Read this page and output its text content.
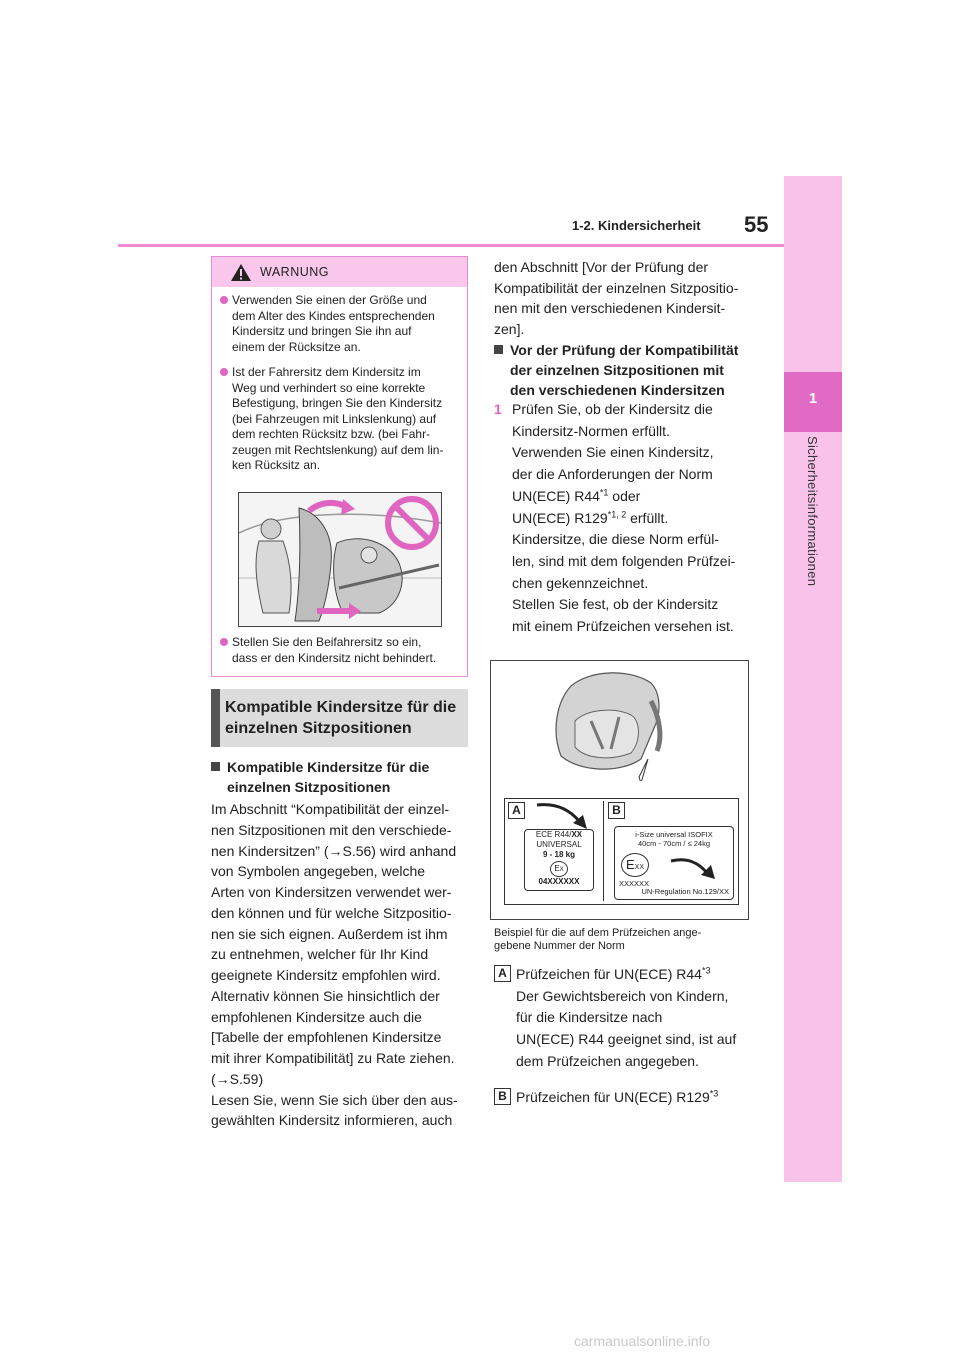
1-2. Kindersicherheit 55
1
Sicherheitsinformationen
WARNUNG
Verwenden Sie einen der Größe und
dem Alter des Kindes entsprechenden
Kindersitz und bringen Sie ihn auf
einem der Rücksitze an.
Ist der Fahrersitz dem Kindersitz im
Weg und verhindert so eine korrekte
Befestigung, bringen Sie den Kindersitz
(bei Fahrzeugen mit Linkslenkung) auf
dem rechten Rücksitz bzw. (bei Fahr-
zeugen mit Rechtslenkung) auf dem lin-
ken Rücksitz an.
Stellen Sie den Beifahrersitz so ein,
dass er den Kindersitz nicht behindert.
Kompatible Kindersitze für die einzelnen Sitzpositionen
Kompatible Kindersitze für die
einzelnen Sitzpositionen
Im Abschnitt “Kompatibilität der einzel-
nen Sitzpositionen mit den verschiede-
nen Kindersitzen” (→S.56) wird anhand
von Symbolen angegeben, welche
Arten von Kindersitzen verwendet wer-
den können und für welche Sitzpositio-
nen sie sich eignen. Außerdem ist ihm
zu entnehmen, welcher für Ihr Kind
geeignete Kindersitz empfohlen wird.
Alternativ können Sie hinsichtlich der
empfohlenen Kindersitze auch die
[Tabelle der empfohlenen Kindersitze
mit ihrer Kompatibilität] zu Rate ziehen.
(→S.59)
Lesen Sie, wenn Sie sich über den aus-
gewählten Kindersitz informieren, auch
den Abschnitt [Vor der Prüfung der
Kompatibilität der einzelnen Sitzpositio-
nen mit den verschiedenen Kindersit-
zen].
Vor der Prüfung der Kompatibilität
der einzelnen Sitzpositionen mit
den verschiedenen Kindersitzen
1 Prüfen Sie, ob der Kindersitz die
Kindersitz-Normen erfüllt.
Verwenden Sie einen Kindersitz,
der die Anforderungen der Norm
UN(ECE) R44$^{*1}$ oder
UN(ECE) R129$^{*1, 2}$ erfüllt.
Kindersitze, die diese Norm erfül-
len, sind mit dem folgenden Prüfzei-
chen gekennzeichnet.
Stellen Sie fest, ob der Kindersitz
mit einem Prüfzeichen versehen ist.
A	B
ECE R44/XX
UNIVERSAL
9 - 18 kg
EX
04XXXXXX
i-Size universal ISOFIX
40cm - 70cm / ≤ 24kg
EXX
XXXXXX
UN-Regulation No.129/XX
Beispiel für die auf dem Prüfzeichen ange-
gebene Nummer der Norm
A Prüfzeichen für UN(ECE) R44$^{*3}$
Der Gewichtsbereich von Kindern,
für die Kindersitze nach
UN(ECE) R44 geeignet sind, ist auf
dem Prüfzeichen angegeben.
B Prüfzeichen für UN(ECE) R129$^{*3}$
carmanualsonline.info
